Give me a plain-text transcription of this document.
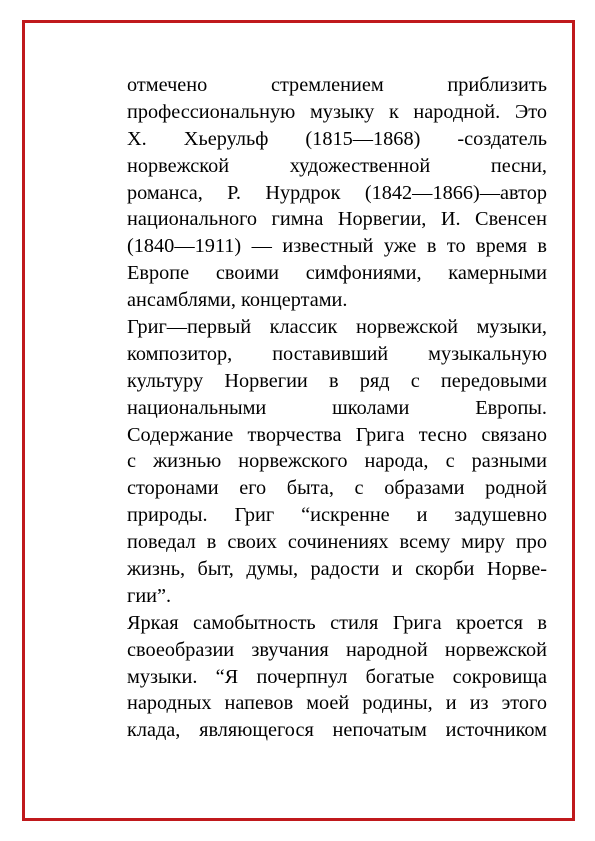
отмечено стремлением приблизить
профессиональную музыку к народной. Это
X. Хьерульф (1815—1868) -создатель
норвежской художественной песни,
романса, Р. Нурдрок (1842—1866)—автор
национального гимна Норвегии, И. Свенсен
(1840—1911) — известный уже в то время в
Европе своими симфониями, камерными
ансамблями, концертами.

Григ—первый классик норвежской музыки,
композитор, поставивший музыкальную
культуру Норвегии в ряд с передовыми
национальными школами Европы.
Содержание творчества Грига тесно связано
с жизнью норвежского народа, с разными
сторонами его быта, с образами родной
природы. Григ “искренне и задушевно
поведал в своих сочинениях всему миру про
жизнь, быт, думы, радости и скорби Норве-
гии”.

Яркая самобытность стиля Грига кроется в
своеобразии звучания народной норвежской
музыки. “Я почерпнул богатые сокровища
народных напевов моей родины, и из этого
клада, являющегося непочатым источником
